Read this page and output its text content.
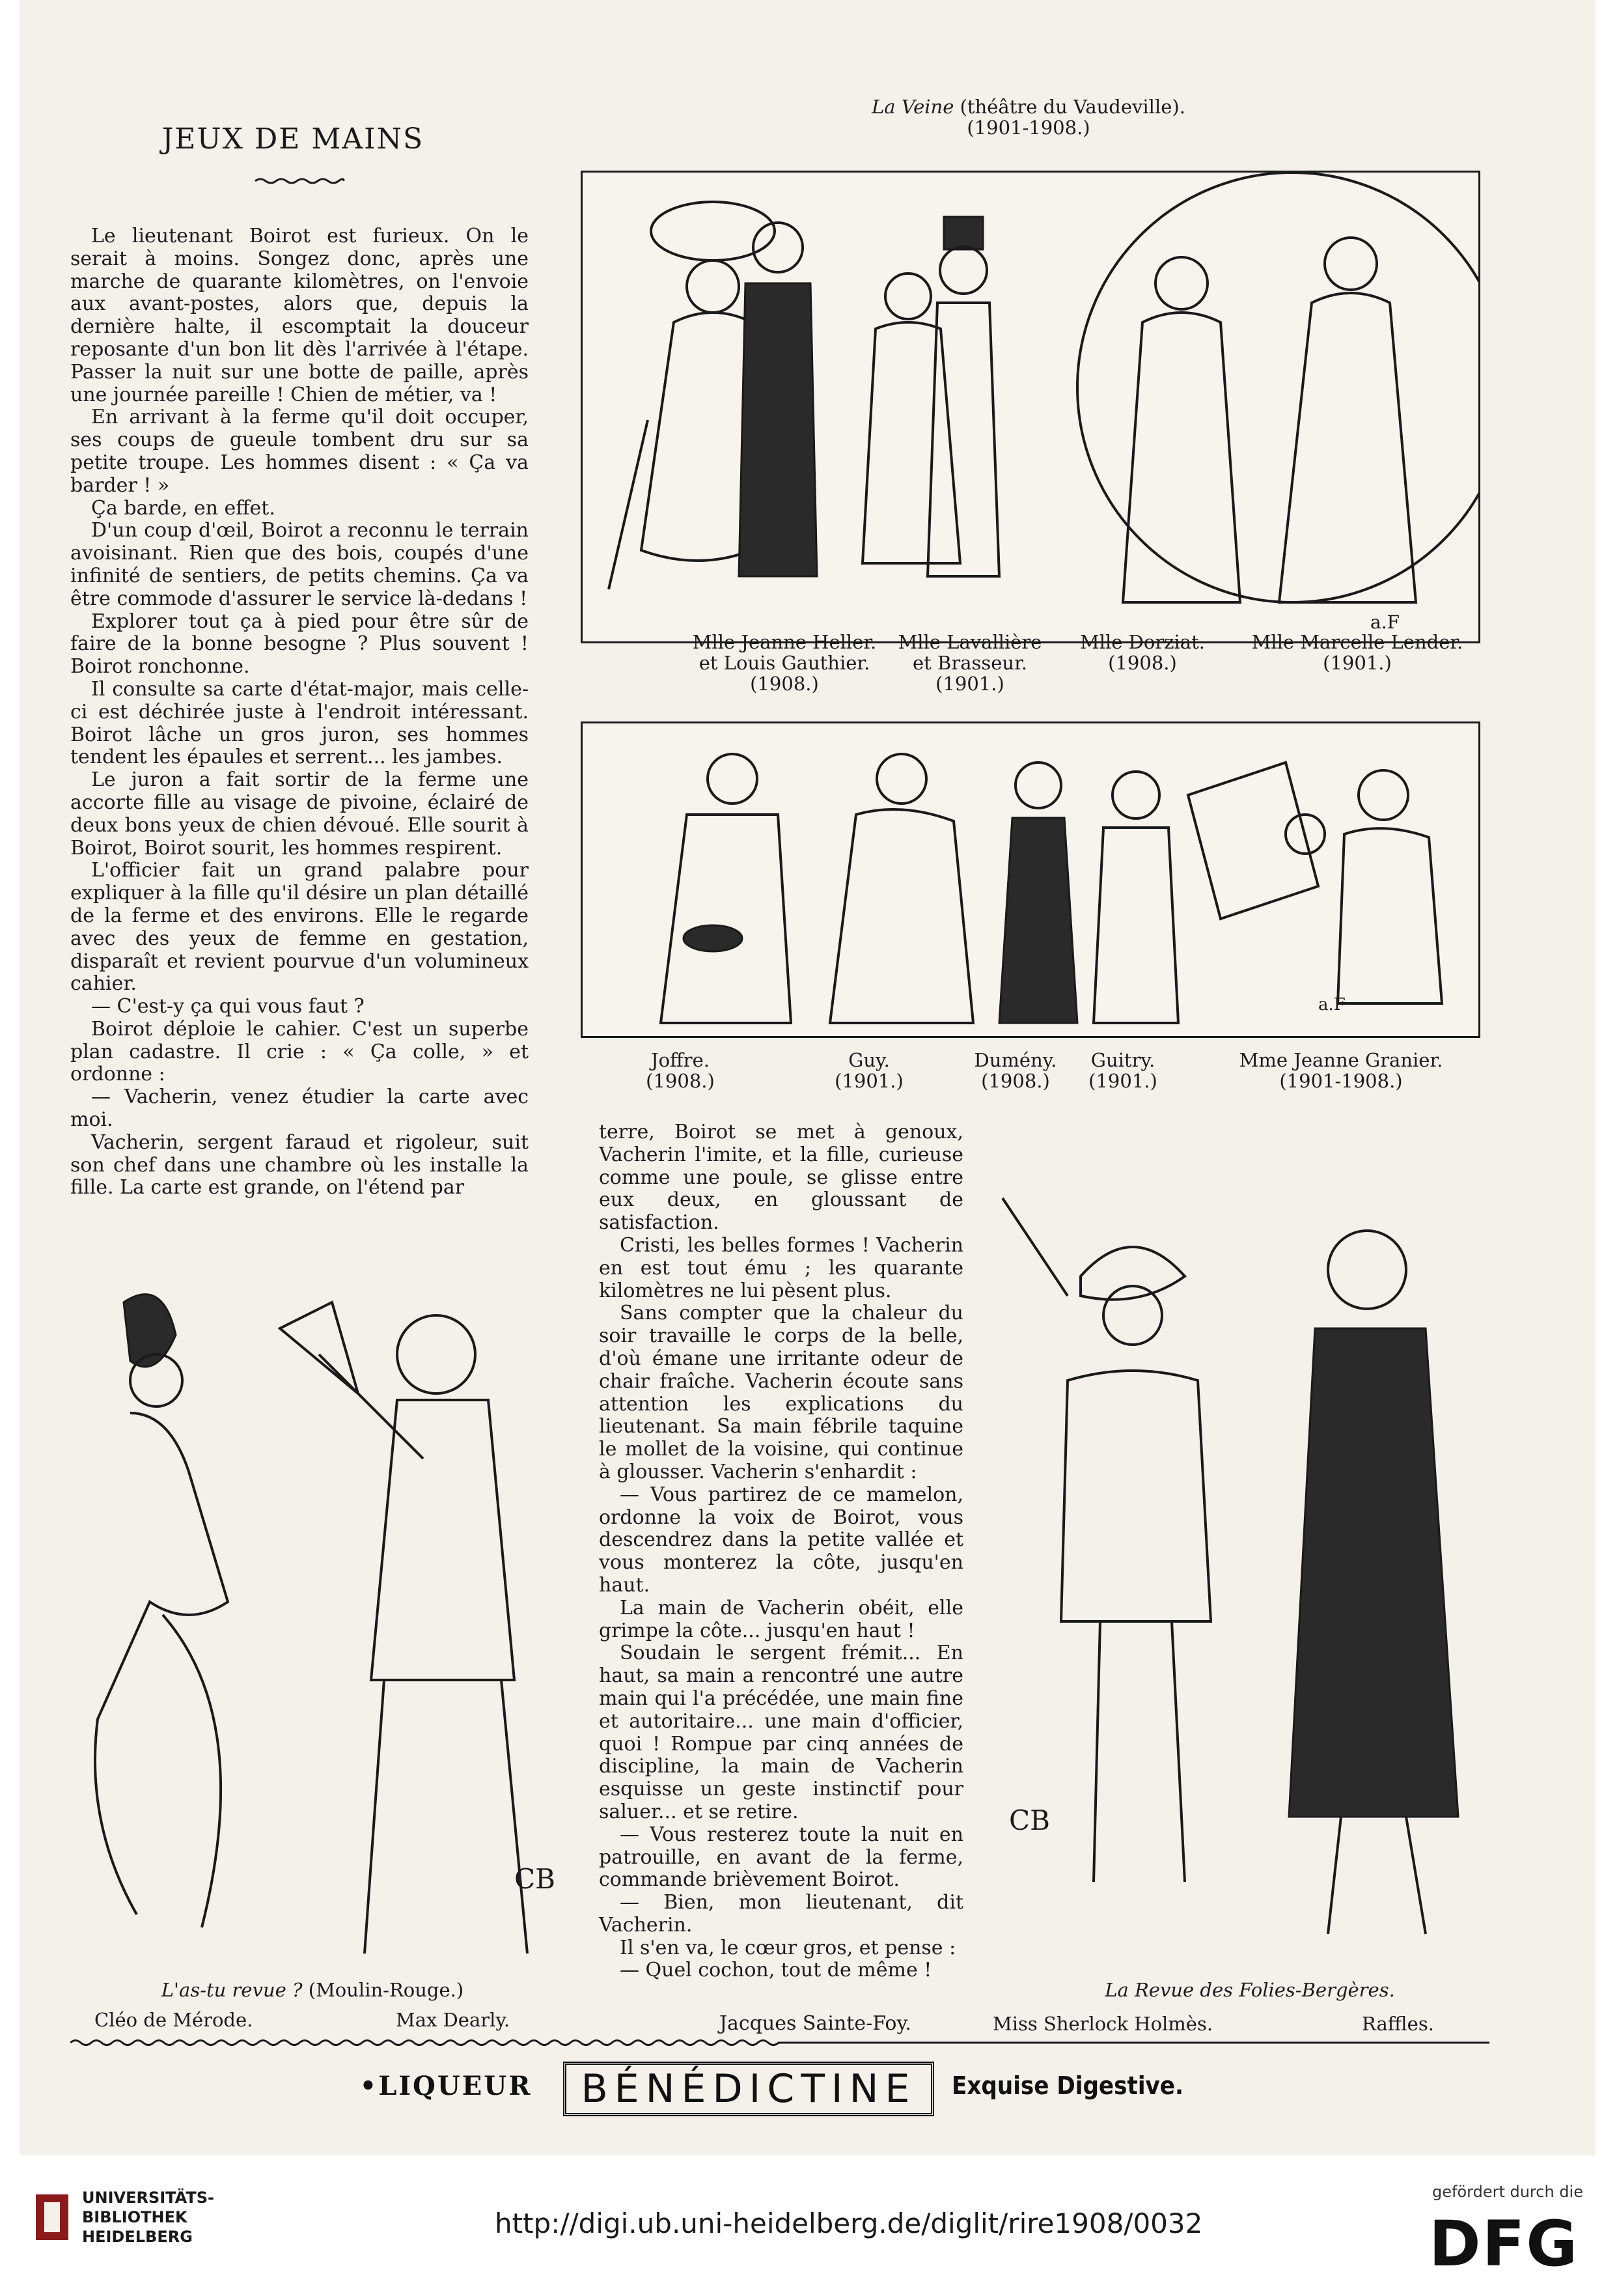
JEUX DE MAINS

Le lieutenant Boirot est furieux. On le serait à moins. Songez donc, après une marche de quarante kilomètres, on l'envoie aux avant-postes, alors que, depuis la dernière halte, il escomptait la douceur reposante d'un bon lit dès l'arrivée à l'étape. Passer la nuit sur une botte de paille, après une journée pareille ! Chien de métier, va !

En arrivant à la ferme qu'il doit occuper, ses coups de gueule tombent dru sur sa petite troupe. Les hommes disent : « Ça va barder ! »

Ça barde, en effet.

D'un coup d'œil, Boirot a reconnu le terrain avoisinant. Rien que des bois, coupés d'une infinité de sentiers, de petits chemins. Ça va être commode d'assurer le service là-dedans !

Explorer tout ça à pied pour être sûr de faire de la bonne besogne ? Plus souvent ! Boirot ronchonne.

Il consulte sa carte d'état-major, mais celle-ci est déchirée juste à l'endroit intéressant. Boirot lâche un gros juron, ses hommes tendent les épaules et serrent... les jambes.

Le juron a fait sortir de la ferme une accorte fille au visage de pivoine, éclairé de deux bons yeux de chien dévoué. Elle sourit à Boirot, Boirot sourit, les hommes respirent.

L'officier fait un grand palabre pour expliquer à la fille qu'il désire un plan détaillé de la ferme et des environs. Elle le regarde avec des yeux de femme en gestation, disparaît et revient pourvue d'un volumineux cahier.

— C'est-y ça qui vous faut ?

Boirot déploie le cahier. C'est un superbe plan cadastre. Il crie : « Ça colle, » et ordonne :

— Vacherin, venez étudier la carte avec moi.

Vacherin, sergent faraud et rigoleur, suit son chef dans une chambre où les installe la fille. La carte est grande, on l'étend par

La Veine (théâtre du Vaudeville).
(1901-1908.)
a.F
Mlle Jeanne Heller.
et Louis Gauthier.
(1908.)
Mlle Lavallière
et Brasseur.
(1901.)
Mlle Dorziat.
(1908.)
Mlle Marcelle Lender.
(1901.)
a.F
Joffre.
(1908.)
Guy.
(1901.)
Dumény.
(1908.)
Guitry.
(1901.)
Mme Jeanne Granier.
(1901-1908.)

terre, Boirot se met à genoux, Vacherin l'imite, et la fille, curieuse comme une poule, se glisse entre eux deux, en gloussant de satisfaction.

Cristi, les belles formes ! Vacherin en est tout ému ; les quarante kilomètres ne lui pèsent plus.

Sans compter que la chaleur du soir travaille le corps de la belle, d'où émane une irritante odeur de chair fraîche. Vacherin écoute sans attention les explications du lieutenant. Sa main fébrile taquine le mollet de la voisine, qui continue à glousser. Vacherin s'enhardit :

— Vous partirez de ce mamelon, ordonne la voix de Boirot, vous descendrez dans la petite vallée et vous monterez la côte, jusqu'en haut.

La main de Vacherin obéit, elle grimpe la côte... jusqu'en haut !

Soudain le sergent frémit... En haut, sa main a rencontré une autre main qui l'a précédée, une main fine et autoritaire... une main d'officier, quoi ! Rompue par cinq années de discipline, la main de Vacherin esquisse un geste instinctif pour saluer... et se retire.

— Vous resterez toute la nuit en patrouille, en avant de la ferme, commande brièvement Boirot.

— Bien, mon lieutenant, dit Vacherin.

Il s'en va, le cœur gros, et pense :

— Quel cochon, tout de même !

Jacques Sainte-Foy.
CB
L'as-tu revue ? (Moulin-Rouge.)
Cléo de Mérode.	Max Dearly.
CB
La Revue des Folies-Bergères.
Miss Sherlock Holmès.	Raffles.
•LIQUEUR	BÉNÉDICTINE	Exquise Digestive.
UNIVERSITÄTS-
BIBLIOTHEK
HEIDELBERG	http://digi.ub.uni-heidelberg.de/diglit/rire1908/0032
gefördert durch die
DFG
